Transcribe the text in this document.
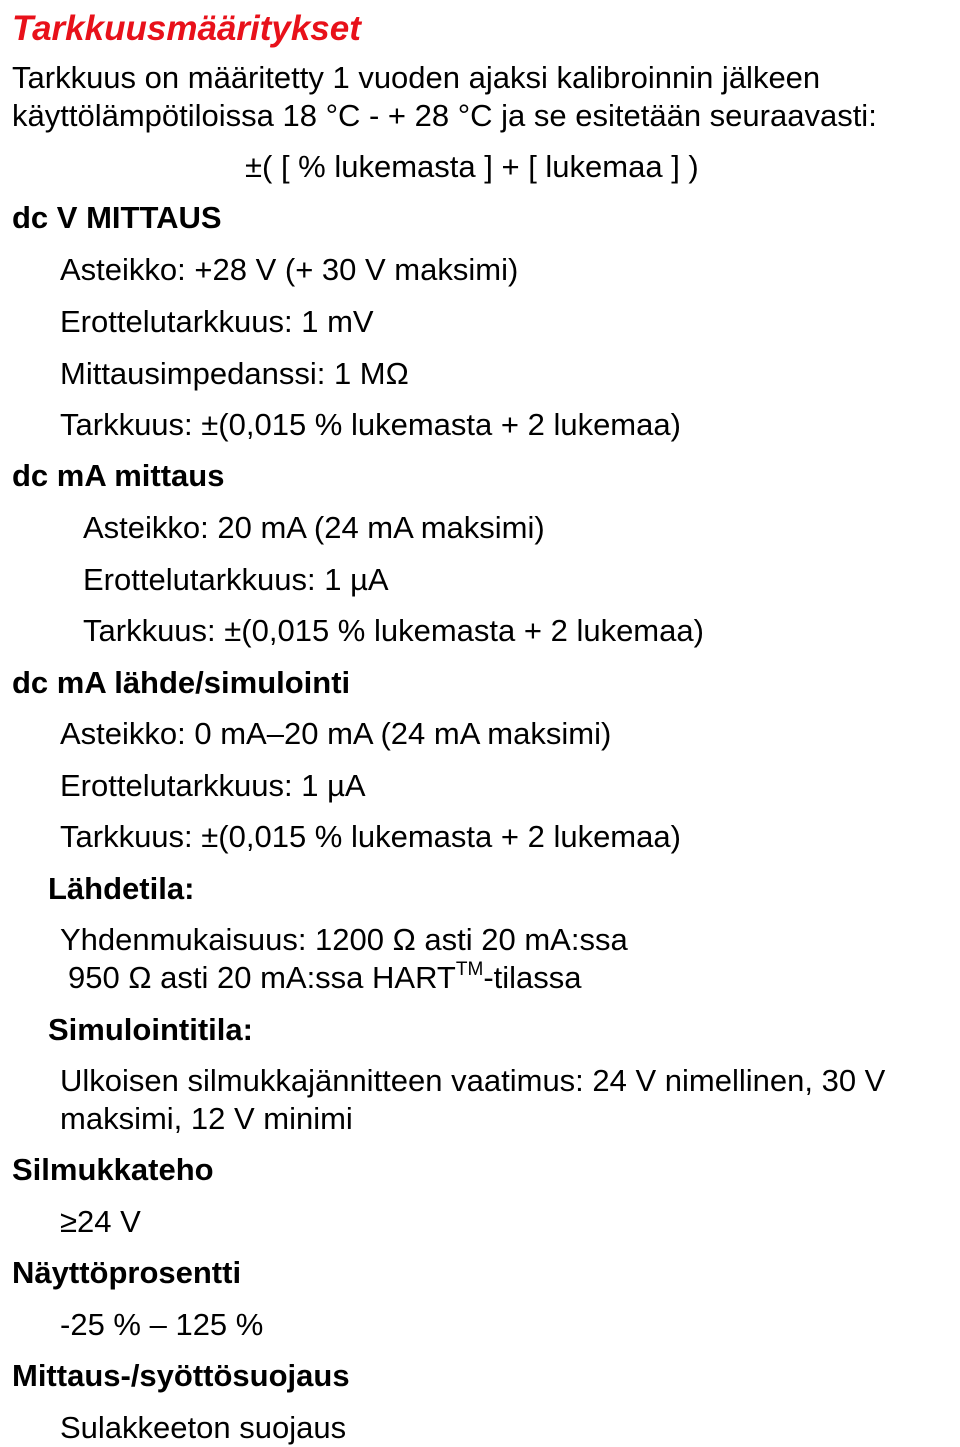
Tarkkuusmääritykset
Tarkkuus on määritetty 1 vuoden ajaksi kalibroinnin jälkeen
käyttölämpötiloissa 18 °C - + 28 °C ja se esitetään seuraavasti:
±( [ % lukemasta ] + [ lukemaa ] )
dc V MITTAUS
Asteikko: +28 V (+ 30 V maksimi)
Erottelutarkkuus: 1 mV
Mittausimpedanssi: 1 MΩ
Tarkkuus: ±(0,015 % lukemasta + 2 lukemaa)
dc mA mittaus
Asteikko: 20 mA (24 mA maksimi)
Erottelutarkkuus: 1 µA
Tarkkuus: ±(0,015 % lukemasta + 2 lukemaa)
dc mA lähde/simulointi
Asteikko: 0 mA–20 mA (24 mA maksimi)
Erottelutarkkuus: 1 µA
Tarkkuus: ±(0,015 % lukemasta + 2 lukemaa)
Lähdetila:
Yhdenmukaisuus: 1200 Ω asti 20 mA:ssa
950 Ω asti 20 mA:ssa HART™-tilassa
Simulointitila:
Ulkoisen silmukkajännitteen vaatimus: 24 V nimellinen, 30 V
maksimi, 12 V minimi
Silmukkateho
≥24 V
Näyttöprosentti
-25 % – 125 %
Mittaus-/syöttösuojaus
Sulakkeeton suojaus
